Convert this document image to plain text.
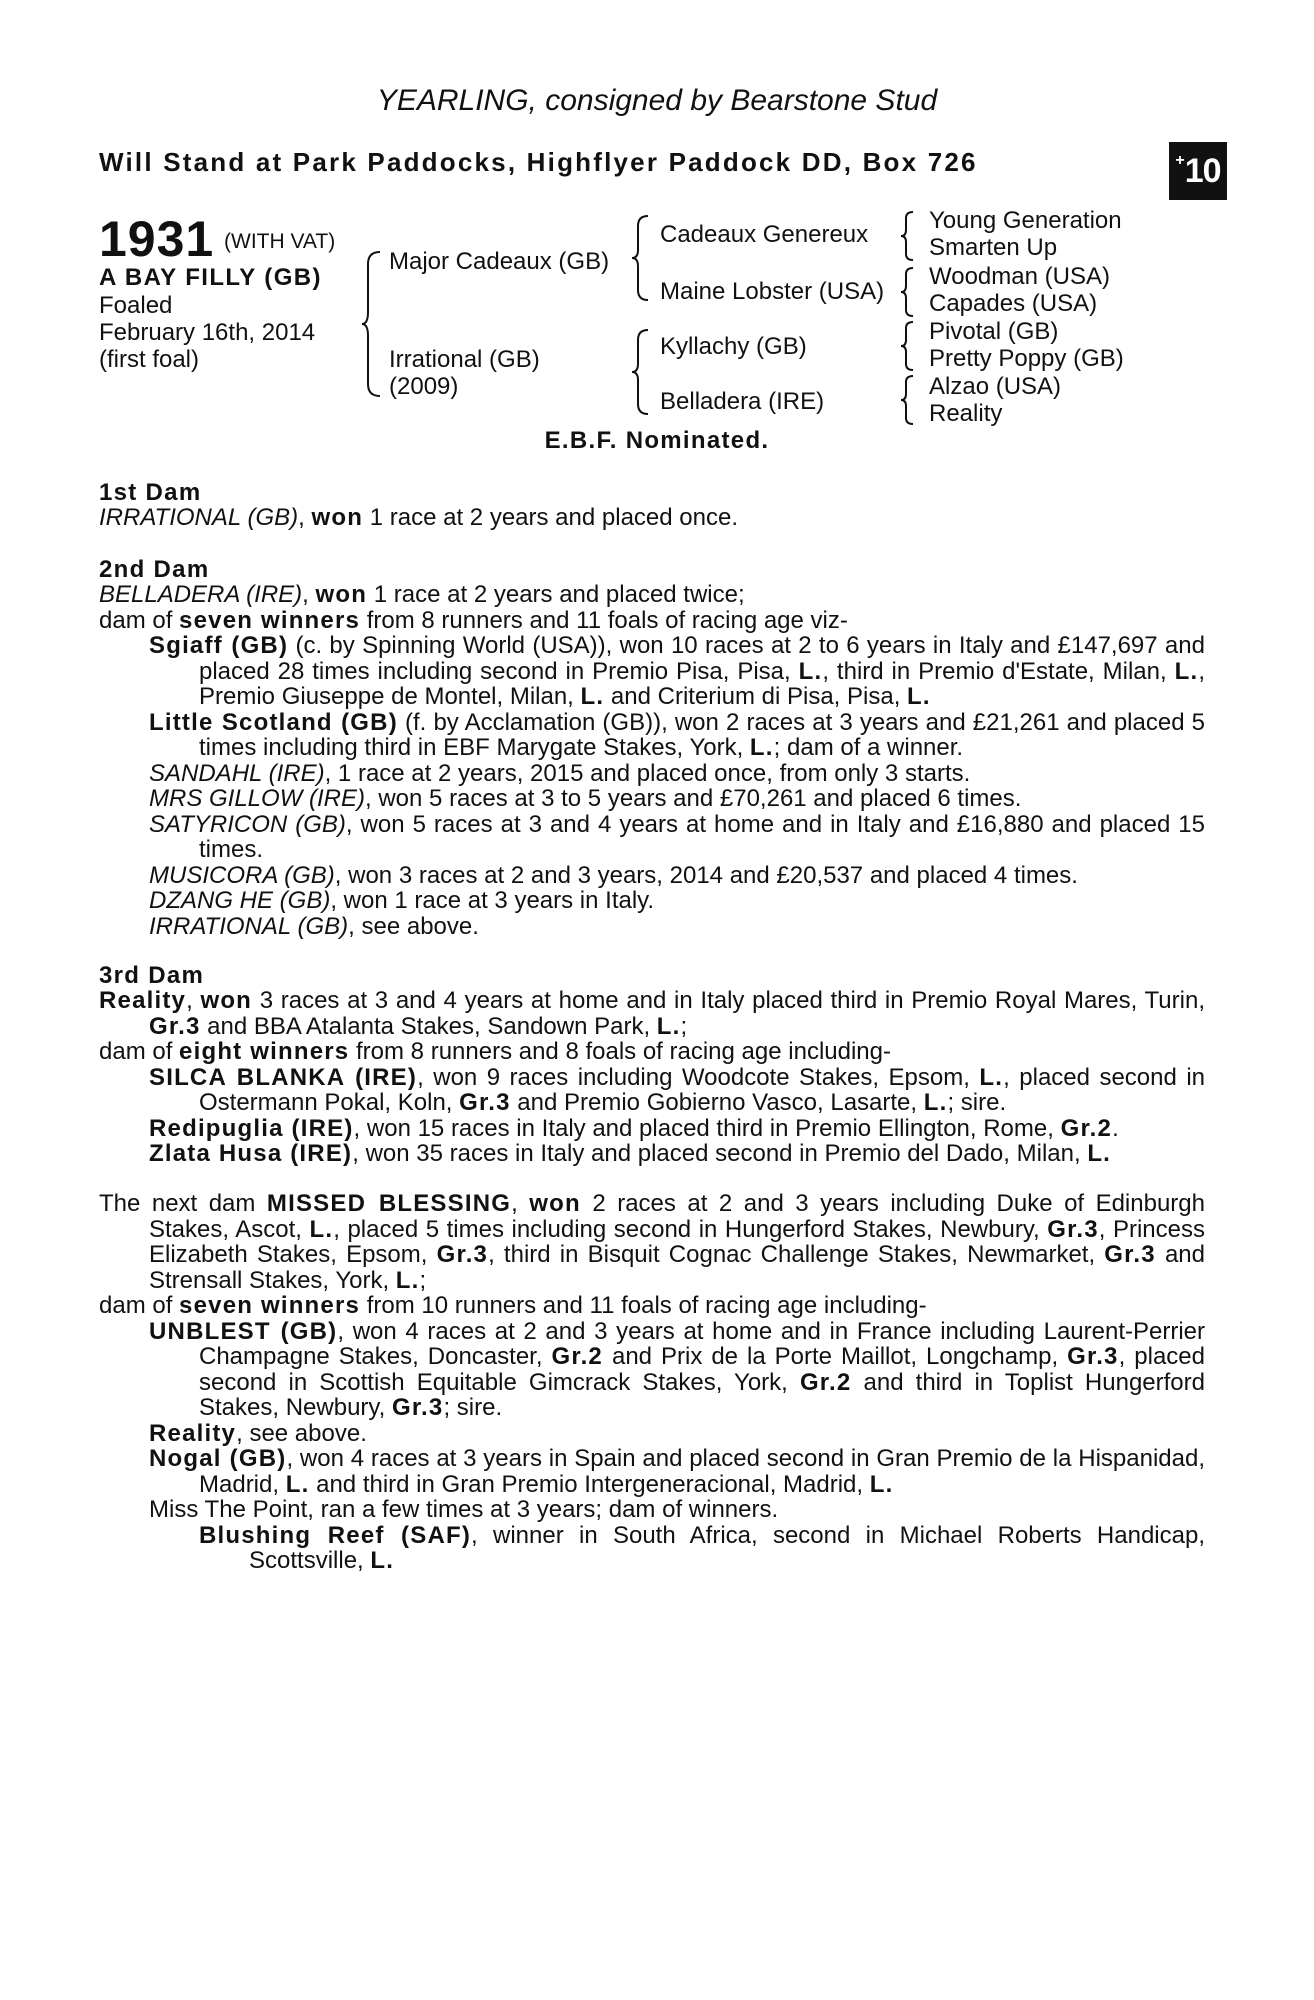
YEARLING, consigned by Bearstone Stud
Will Stand at Park Paddocks, Highflyer Paddock DD, Box 726	+ 10
1931 (WITH VAT)
A BAY FILLY (GB)
Foaled
February 16th, 2014
(first foal)
Major Cadeaux (GB)
Irrational (GB)
(2009)
Cadeaux Genereux
Maine Lobster (USA)
Kyllachy (GB)
Belladera (IRE)
Young Generation
Smarten Up
Woodman (USA)
Capades (USA)
Pivotal (GB)
Pretty Poppy (GB)
Alzao (USA)
Reality
E.B.F. Nominated.
1st Dam

IRRATIONAL (GB), won 1 race at 2 years and placed once.

2nd Dam

BELLADERA (IRE), won 1 race at 2 years and placed twice;

dam of seven winners from 8 runners and 11 foals of racing age viz-

Sgiaff (GB) (c. by Spinning World (USA)), won 10 races at 2 to 6 years in Italy and £147,697 and placed 28 times including second in Premio Pisa, Pisa, L., third in Premio d'Estate, Milan, L., Premio Giuseppe de Montel, Milan, L. and Criterium di Pisa, Pisa, L.

Little Scotland (GB) (f. by Acclamation (GB)), won 2 races at 3 years and £21,261 and placed 5 times including third in EBF Marygate Stakes, York, L.; dam of a winner.

SANDAHL (IRE), 1 race at 2 years, 2015 and placed once, from only 3 starts.

MRS GILLOW (IRE), won 5 races at 3 to 5 years and £70,261 and placed 6 times.

SATYRICON (GB), won 5 races at 3 and 4 years at home and in Italy and £16,880 and placed 15 times.

MUSICORA (GB), won 3 races at 2 and 3 years, 2014 and £20,537 and placed 4 times.

DZANG HE (GB), won 1 race at 3 years in Italy.

IRRATIONAL (GB), see above.

3rd Dam

Reality, won 3 races at 3 and 4 years at home and in Italy placed third in Premio Royal Mares, Turin, Gr.3 and BBA Atalanta Stakes, Sandown Park, L.;

dam of eight winners from 8 runners and 8 foals of racing age including-

SILCA BLANKA (IRE), won 9 races including Woodcote Stakes, Epsom, L., placed second in Ostermann Pokal, Koln, Gr.3 and Premio Gobierno Vasco, Lasarte, L.; sire.

Redipuglia (IRE), won 15 races in Italy and placed third in Premio Ellington, Rome, Gr.2.

Zlata Husa (IRE), won 35 races in Italy and placed second in Premio del Dado, Milan, L.

The next dam MISSED BLESSING, won 2 races at 2 and 3 years including Duke of Edinburgh Stakes, Ascot, L., placed 5 times including second in Hungerford Stakes, Newbury, Gr.3, Princess Elizabeth Stakes, Epsom, Gr.3, third in Bisquit Cognac Challenge Stakes, Newmarket, Gr.3 and Strensall Stakes, York, L.;

dam of seven winners from 10 runners and 11 foals of racing age including-

UNBLEST (GB), won 4 races at 2 and 3 years at home and in France including Laurent-Perrier Champagne Stakes, Doncaster, Gr.2 and Prix de la Porte Maillot, Longchamp, Gr.3, placed second in Scottish Equitable Gimcrack Stakes, York, Gr.2 and third in Toplist Hungerford Stakes, Newbury, Gr.3; sire.

Reality, see above.

Nogal (GB), won 4 races at 3 years in Spain and placed second in Gran Premio de la Hispanidad, Madrid, L. and third in Gran Premio Intergeneracional, Madrid, L.

Miss The Point, ran a few times at 3 years; dam of winners.

Blushing Reef (SAF), winner in South Africa, second in Michael Roberts Handicap, Scottsville, L.
